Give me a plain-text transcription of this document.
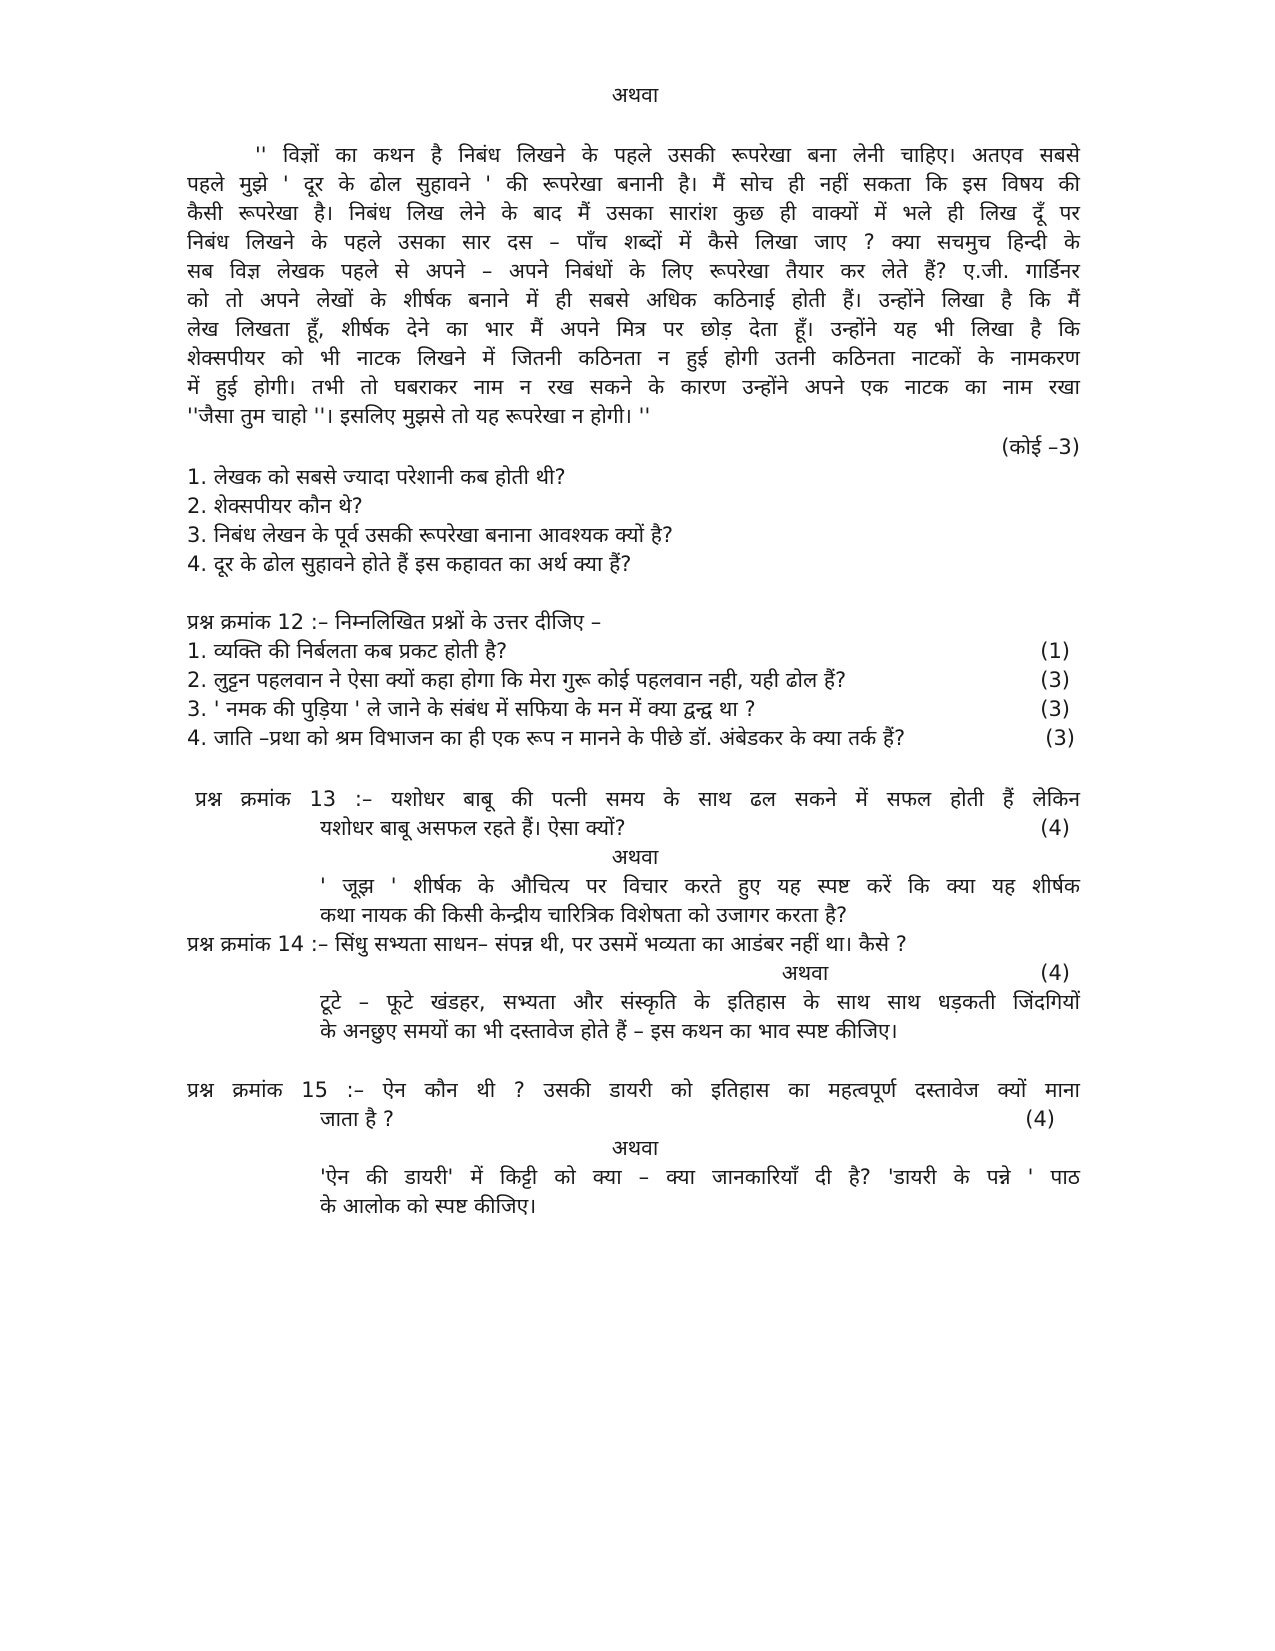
अथवा
'' विज्ञों का कथन है निबंध लिखने के पहले उसकी रूपरेखा बना लेनी चाहिए। अतएव सबसे
पहले मुझे ' दूर के ढोल सुहावने ' की रूपरेखा बनानी है। मैं सोच ही नहीं सकता कि इस विषय की
कैसी रूपरेखा है। निबंध लिख लेने के बाद मैं उसका सारांश कुछ ही वाक्यों में भले ही लिख दूँ पर
निबंध लिखने के पहले उसका सार दस – पाँच शब्दों में कैसे लिखा जाए ? क्या सचमुच हिन्दी के
सब विज्ञ लेखक पहले से अपने – अपने निबंधों के लिए रूपरेखा तैयार कर लेते हैं? ए.जी. गार्डिनर
को तो अपने लेखों के शीर्षक बनाने में ही सबसे अधिक कठिनाई होती हैं। उन्होंने लिखा है कि मैं
लेख लिखता हूँ, शीर्षक देने का भार मैं अपने मित्र पर छोड़ देता हूँ। उन्होंने यह भी लिखा है कि
शेक्सपीयर को भी नाटक लिखने में जितनी कठिनता न हुई होगी उतनी कठिनता नाटकों के नामकरण
में हुई होगी। तभी तो घबराकर नाम न रख सकने के कारण उन्होंने अपने एक नाटक का नाम रखा
''जैसा तुम चाहो ''। इसलिए मुझसे तो यह रूपरेखा न होगी। ''
(कोई –3)
1. लेखक को सबसे ज्यादा परेशानी कब होती थी?
2. शेक्सपीयर कौन थे?
3. निबंध लेखन के पूर्व उसकी रूपरेखा बनाना आवश्यक क्यों है?
4. दूर के ढोल सुहावने होते हैं इस कहावत का अर्थ क्या हैं?
प्रश्न क्रमांक 12 :– निम्नलिखित प्रश्नों के उत्तर दीजिए –
1. व्यक्ति की निर्बलता कब प्रकट होती है?	(1)
2. लुट्टन पहलवान ने ऐसा क्यों कहा होगा कि मेरा गुरू कोई पहलवान नही, यही ढोल हैं?	(3)
3. ' नमक की पुड़िया ' ले जाने के संबंध में सफिया के मन में क्या द्वन्द्व था ?	(3)
4. जाति –प्रथा को श्रम विभाजन का ही एक रूप न मानने के पीछे डॉ. अंबेडकर के क्या तर्क हैं?	(3)
प्रश्न क्रमांक 13 :– यशोधर बाबू की पत्नी समय के साथ ढल सकने में सफल होती हैं लेकिन
यशोधर बाबू असफल रहते हैं। ऐसा क्यों?	(4)
अथवा
' जूझ ' शीर्षक के औचित्य पर विचार करते हुए यह स्पष्ट करें कि क्या यह शीर्षक
कथा नायक की किसी केन्द्रीय चारित्रिक विशेषता को उजागर करता है?
प्रश्न क्रमांक 14 :– सिंधु सभ्यता साधन– संपन्न थी, पर उसमें भव्यता का आडंबर नहीं था। कैसे ?
अथवा	(4)
टूटे – फूटे खंडहर, सभ्यता और संस्कृति के इतिहास के साथ साथ धड़कती जिंदगियों
के अनछुए समयों का भी दस्तावेज होते हैं – इस कथन का भाव स्पष्ट कीजिए।
प्रश्न क्रमांक 15 :– ऐन कौन थी ? उसकी डायरी को इतिहास का महत्वपूर्ण दस्तावेज क्यों माना
जाता है ?	(4)
अथवा
'ऐन की डायरी' में किट्टी को क्या – क्या जानकारियाँ दी है? 'डायरी के पन्ने ' पाठ
के आलोक को स्पष्ट कीजिए।
